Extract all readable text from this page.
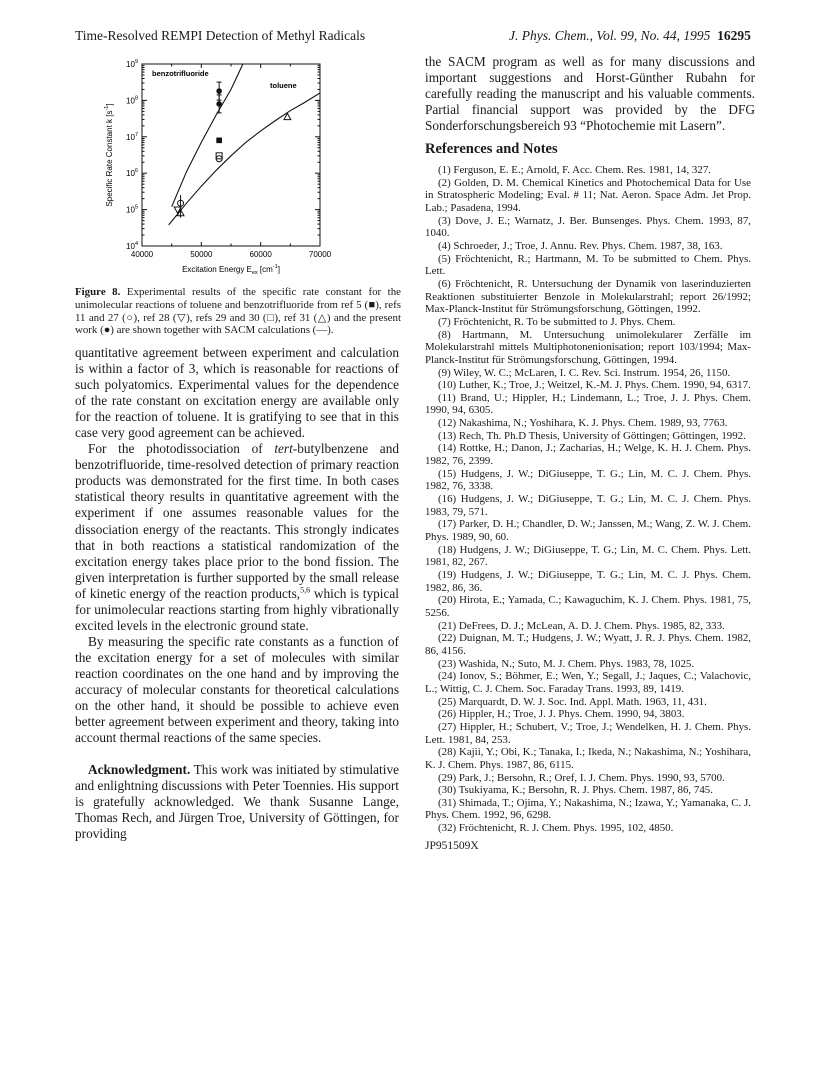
Time-Resolved REMPI Detection of Methyl Radicals	J. Phys. Chem., Vol. 99, No. 44, 1995 16295
40000	50000	60000	70000
$10^4$
$10^5$
$10^6$
$10^7$
$10^8$
$10^9$
benzotrifluoride
toluene
Excitation Energy $E_{ex}$ $[cm^{-1}]$
Specific Rate Constant k $[s^{-1}]$
Figure 8. Experimental results of the specific rate constant for the unimolecular reactions of toluene and benzotrifluoride from ref 5 (■), refs 11 and 27 (○), ref 28 (▽), refs 29 and 30 (□), ref 31 (△) and the present work (●) are shown together with SACM calculations (—).

quantitative agreement between experiment and calculation is within a factor of 3, which is reasonable for reactions of such polyatomics. Experimental values for the dependence of the rate constant on excitation energy are available only for the reaction of toluene. It is gratifying to see that in this case very good agreement can be achieved.

For the photodissociation of tert-butylbenzene and benzotrifluoride, time-resolved detection of primary reaction products was demonstrated for the first time. In both cases statistical theory results in quantitative agreement with the experiment if one assumes reasonable values for the dissociation energy of the reactants. This strongly indicates that in both reactions a statistical randomization of the excitation energy takes place prior to the bond fission. The given interpretation is further supported by the small release of kinetic energy of the reaction products,$^{5,6}$ which is typical for unimolecular reactions starting from highly vibrationally excited levels in the electronic ground state.

By measuring the specific rate constants as a function of the excitation energy for a set of molecules with similar reaction coordinates on the one hand and by improving the accuracy of molecular constants for theoretical calculations on the other hand, it should be possible to achieve even better agreement between experiment and theory, taking into account thermal reactions of the same species.

Acknowledgment. This work was initiated by stimulative and enlightning discussions with Peter Toennies. His support is gratefully acknowledged. We thank Susanne Lange, Thomas Rech, and Jürgen Troe, University of Göttingen, for providing

the SACM program as well as for many discussions and important suggestions and Horst-Günther Rubahn for carefully reading the manuscript and his valuable comments. Partial financial support was provided by the DFG Sonderforschungsbereich 93 “Photochemie mit Lasern”.

References and Notes

(1) Ferguson, E. E.; Arnold, F. Acc. Chem. Res. 1981, 14, 327.

(2) Golden, D. M. Chemical Kinetics and Photochemical Data for Use in Stratospheric Modeling; Eval. # 11; Nat. Aeron. Space Adm. Jet Prop. Lab.; Pasadena, 1994.

(3) Dove, J. E.; Warnatz, J. Ber. Bunsenges. Phys. Chem. 1993, 87, 1040.

(4) Schroeder, J.; Troe, J. Annu. Rev. Phys. Chem. 1987, 38, 163.

(5) Fröchtenicht, R.; Hartmann, M. To be submitted to Chem. Phys. Lett.

(6) Fröchtenicht, R. Untersuchung der Dynamik von laserinduzierten Reaktionen substituierter Benzole in Molekularstrahl; report 26/1992; Max-Planck-Institut für Strömungsforschung, Göttingen, 1992.

(7) Fröchtenicht, R. To be submitted to J. Phys. Chem.

(8) Hartmann, M. Untersuchung unimolekularer Zerfälle im Molekularstrahl mittels Multiphotonenionisation; report 103/1994; Max-Planck-Institut für Strömungsforschung, Göttingen, 1994.

(9) Wiley, W. C.; McLaren, I. C. Rev. Sci. Instrum. 1954, 26, 1150.

(10) Luther, K.; Troe, J.; Weitzel, K.-M. J. Phys. Chem. 1990, 94, 6317.

(11) Brand, U.; Hippler, H.; Lindemann, L.; Troe, J. J. Phys. Chem. 1990, 94, 6305.

(12) Nakashima, N.; Yoshihara, K. J. Phys. Chem. 1989, 93, 7763.

(13) Rech, Th. Ph.D Thesis, University of Göttingen; Göttingen, 1992.

(14) Rottke, H.; Danon, J.; Zacharias, H.; Welge, K. H. J. Chem. Phys. 1982, 76, 2399.

(15) Hudgens, J. W.; DiGiuseppe, T. G.; Lin, M. C. J. Chem. Phys. 1982, 76, 3338.

(16) Hudgens, J. W.; DiGiuseppe, T. G.; Lin, M. C. J. Chem. Phys. 1983, 79, 571.

(17) Parker, D. H.; Chandler, D. W.; Janssen, M.; Wang, Z. W. J. Chem. Phys. 1989, 90, 60.

(18) Hudgens, J. W.; DiGiuseppe, T. G.; Lin, M. C. Chem. Phys. Lett. 1981, 82, 267.

(19) Hudgens, J. W.; DiGiuseppe, T. G.; Lin, M. C. J. Phys. Chem. 1982, 86, 36.

(20) Hirota, E.; Yamada, C.; Kawaguchim, K. J. Chem. Phys. 1981, 75, 5256.

(21) DeFrees, D. J.; McLean, A. D. J. Chem. Phys. 1985, 82, 333.

(22) Duignan, M. T.; Hudgens, J. W.; Wyatt, J. R. J. Phys. Chem. 1982, 86, 4156.

(23) Washida, N.; Suto, M. J. Chem. Phys. 1983, 78, 1025.

(24) Ionov, S.; Böhmer, E.; Wen, Y.; Segall, J.; Jaques, C.; Valachovic, L.; Wittig, C. J. Chem. Soc. Faraday Trans. 1993, 89, 1419.

(25) Marquardt, D. W. J. Soc. Ind. Appl. Math. 1963, 11, 431.

(26) Hippler, H.; Troe, J. J. Phys. Chem. 1990, 94, 3803.

(27) Hippler, H.; Schubert, V.; Troe, J.; Wendelken, H. J. Chem. Phys. Lett. 1981, 84, 253.

(28) Kajii, Y.; Obi, K.; Tanaka, I.; Ikeda, N.; Nakashima, N.; Yoshihara, K. J. Chem. Phys. 1987, 86, 6115.

(29) Park, J.; Bersohn, R.; Oref, I. J. Chem. Phys. 1990, 93, 5700.

(30) Tsukiyama, K.; Bersohn, R. J. Phys. Chem. 1987, 86, 745.

(31) Shimada, T.; Ojima, Y.; Nakashima, N.; Izawa, Y.; Yamanaka, C. J. Phys. Chem. 1992, 96, 6298.

(32) Fröchtenicht, R. J. Chem. Phys. 1995, 102, 4850.

JP951509X
